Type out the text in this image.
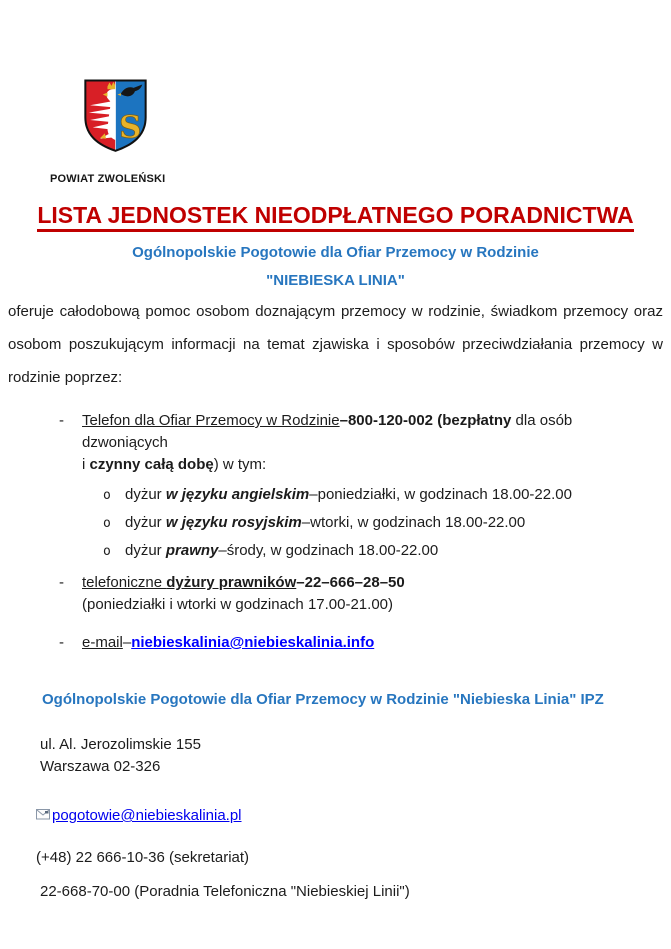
S
POWIAT ZWOLEŃSKI
LISTA JEDNOSTEK NIEODPŁATNEGO PORADNICTWA
Ogólnopolskie Pogotowie dla Ofiar Przemocy w Rodzinie
"NIEBIESKA LINIA"

oferuje całodobową pomoc osobom doznającym przemocy w rodzinie, świadkom przemocy oraz osobom poszukującym informacji na temat zjawiska i sposobów przeciwdziałania przemocy w rodzinie poprzez:

- Telefon dla Ofiar Przemocy w Rodzinie–800-120-002 (bezpłatny dla osób dzwoniących
i czynny całą dobę) w tym:
o dyżur w języku angielskim–poniedziałki, w godzinach 18.00-22.00
o dyżur w języku rosyjskim–wtorki, w godzinach 18.00-22.00
o dyżur prawny–środy, w godzinach 18.00-22.00
- telefoniczne dyżury prawników–22–666–28–50
(poniedziałki i wtorki w godzinach 17.00-21.00)
- e-mail–niebieskalinia@niebieskalinia.info
Ogólnopolskie Pogotowie dla Ofiar Przemocy w Rodzinie "Niebieska Linia" IPZ
ul. Al. Jerozolimskie 155
Warszawa 02-326
pogotowie@niebieskalinia.pl
(+48) 22 666-10-36 (sekretariat)
22-668-70-00 (Poradnia Telefoniczna "Niebieskiej Linii")
